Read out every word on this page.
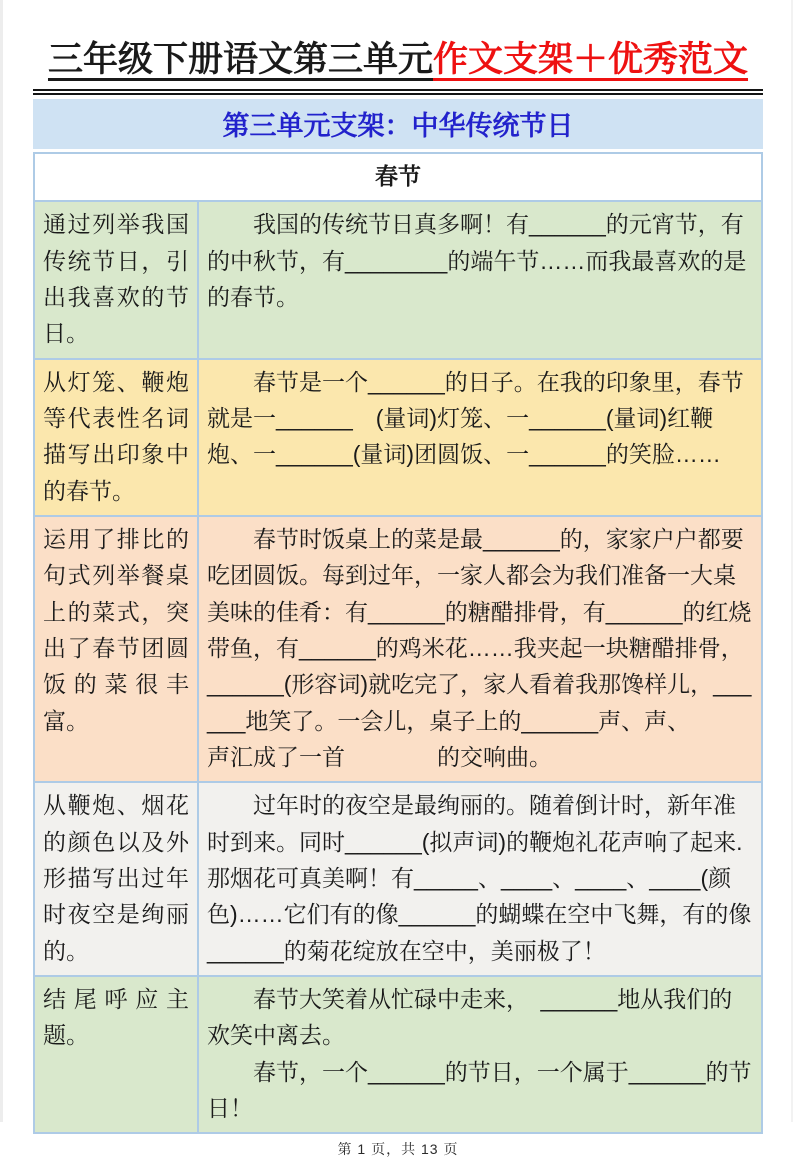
三年级下册语文第三单元作文支架＋优秀范文
第三单元支架：中华传统节日
春节	
通过列举我国传统节日，引出我喜欢的节日。	我国的传统节日真多啊！有______的元宵节，有的中秋节，有________的端午节……而我最喜欢的是的春节。

从灯笼、鞭炮等代表性名词描写出印象中的春节。	春节是一个______的日子。在我的印象里，春节就是一______　(量词)灯笼、一______(量词)红鞭炮、一______(量词)团圆饭、一______的笑脸……

运用了排比的句式列举餐桌上的菜式，突出了春节团圆饭的菜很丰富。	春节时饭桌上的菜是最______的，家家户户都要吃团圆饭。每到过年，一家人都会为我们准备一大桌美味的佳肴：有______的糖醋排骨，有______的红烧带鱼，有______的鸡米花……我夹起一块糖醋排骨，______(形容词)就吃完了，家人看着我那馋样儿，______地笑了。一会儿，桌子上的______声、声、　　　　声汇成了一首　　　　的交响曲。

从鞭炮、烟花的颜色以及外形描写出过年时夜空是绚丽的。	过年时的夜空是最绚丽的。随着倒计时，新年准时到来。同时______(拟声词)的鞭炮礼花声响了起来.那烟花可真美啊！有_____、____、____、____(颜色)……它们有的像______的蝴蝶在空中飞舞，有的像______的菊花绽放在空中，美丽极了！

结尾呼应主题。	春节大笑着从忙碌中走来，　______地从我们的欢笑中离去。

春节，一个______的节日，一个属于______的节日！

第 1 页，共 13 页
